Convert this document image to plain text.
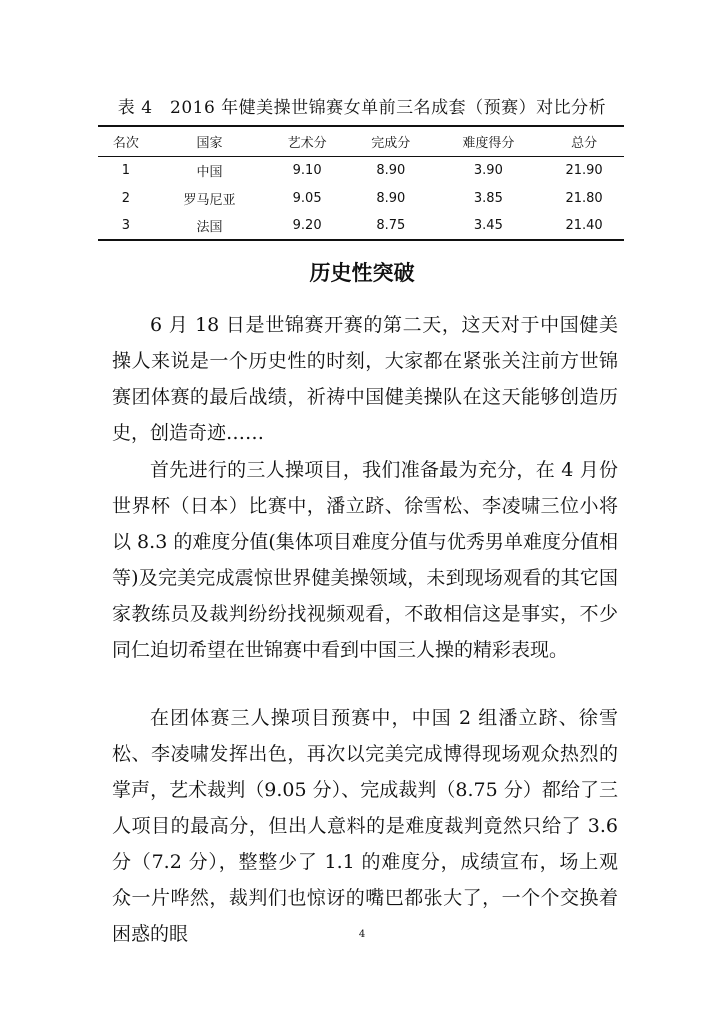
表 4　2016 年健美操世锦赛女单前三名成套（预赛）对比分析
名次	国家	艺术分	完成分	难度得分	总分
1	中国	9.10	8.90	3.90	21.90
2	罗马尼亚	9.05	8.90	3.85	21.80
3	法国	9.20	8.75	3.45	21.40
历史性突破

6 月 18 日是世锦赛开赛的第二天，这天对于中国健美操人来说是一个历史性的时刻，大家都在紧张关注前方世锦赛团体赛的最后战绩，祈祷中国健美操队在这天能够创造历史，创造奇迹……

首先进行的三人操项目，我们准备最为充分，在 4 月份世界杯（日本）比赛中，潘立跻、徐雪松、李凌啸三位小将以 8.3 的难度分值(集体项目难度分值与优秀男单难度分值相等)及完美完成震惊世界健美操领域，未到现场观看的其它国家教练员及裁判纷纷找视频观看，不敢相信这是事实，不少同仁迫切希望在世锦赛中看到中国三人操的精彩表现。

在团体赛三人操项目预赛中，中国 2 组潘立跻、徐雪松、李凌啸发挥出色，再次以完美完成博得现场观众热烈的掌声，艺术裁判（9.05 分）、完成裁判（8.75 分）都给了三人项目的最高分，但出人意料的是难度裁判竟然只给了 3.6 分（7.2 分），整整少了 1.1 的难度分，成绩宣布，场上观众一片哗然，裁判们也惊讶的嘴巴都张大了，一个个交换着困惑的眼	4
